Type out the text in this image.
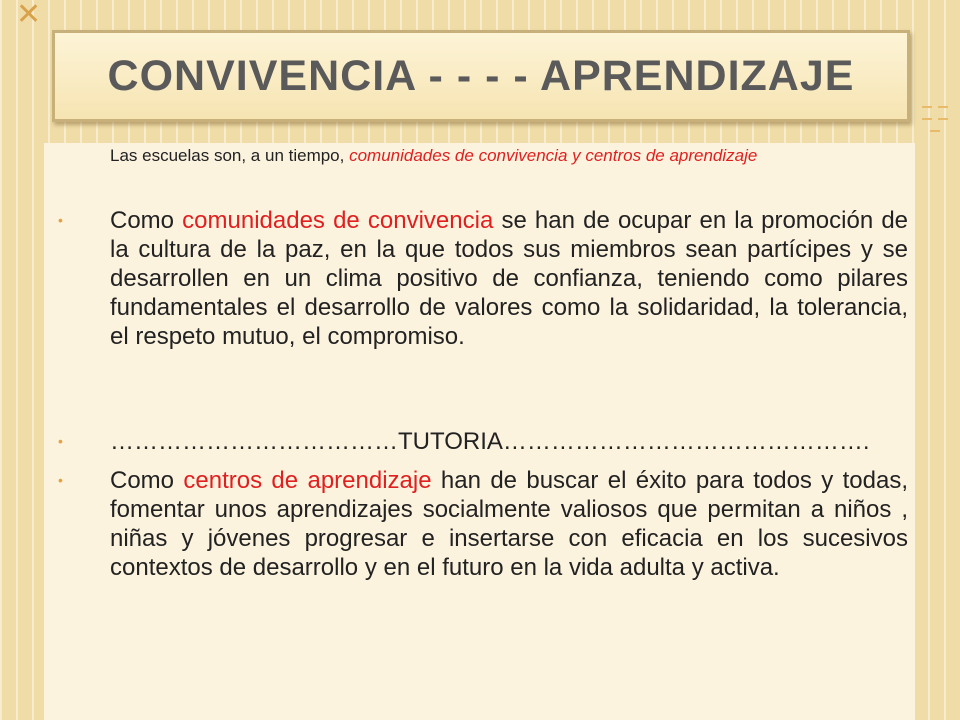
✕
CONVIVENCIA - - - - APRENDIZAJE
Las escuelas son, a un tiempo, comunidades de convivencia y centros de aprendizaje
• Como comunidades de convivencia se han de ocupar en la promoción de la cultura de la paz, en la que todos sus miembros sean partícipes y se desarrollen en un clima positivo de confianza, teniendo como pilares fundamentales el desarrollo de valores como la solidaridad, la tolerancia, el respeto mutuo, el compromiso.
• ………………………………TUTORIA……………………………………….
• Como centros de aprendizaje han de buscar el éxito para todos y todas, fomentar unos aprendizajes socialmente valiosos que permitan a niños , niñas y jóvenes progresar e insertarse con eficacia en los sucesivos contextos de desarrollo y en el futuro en la vida adulta y activa.
